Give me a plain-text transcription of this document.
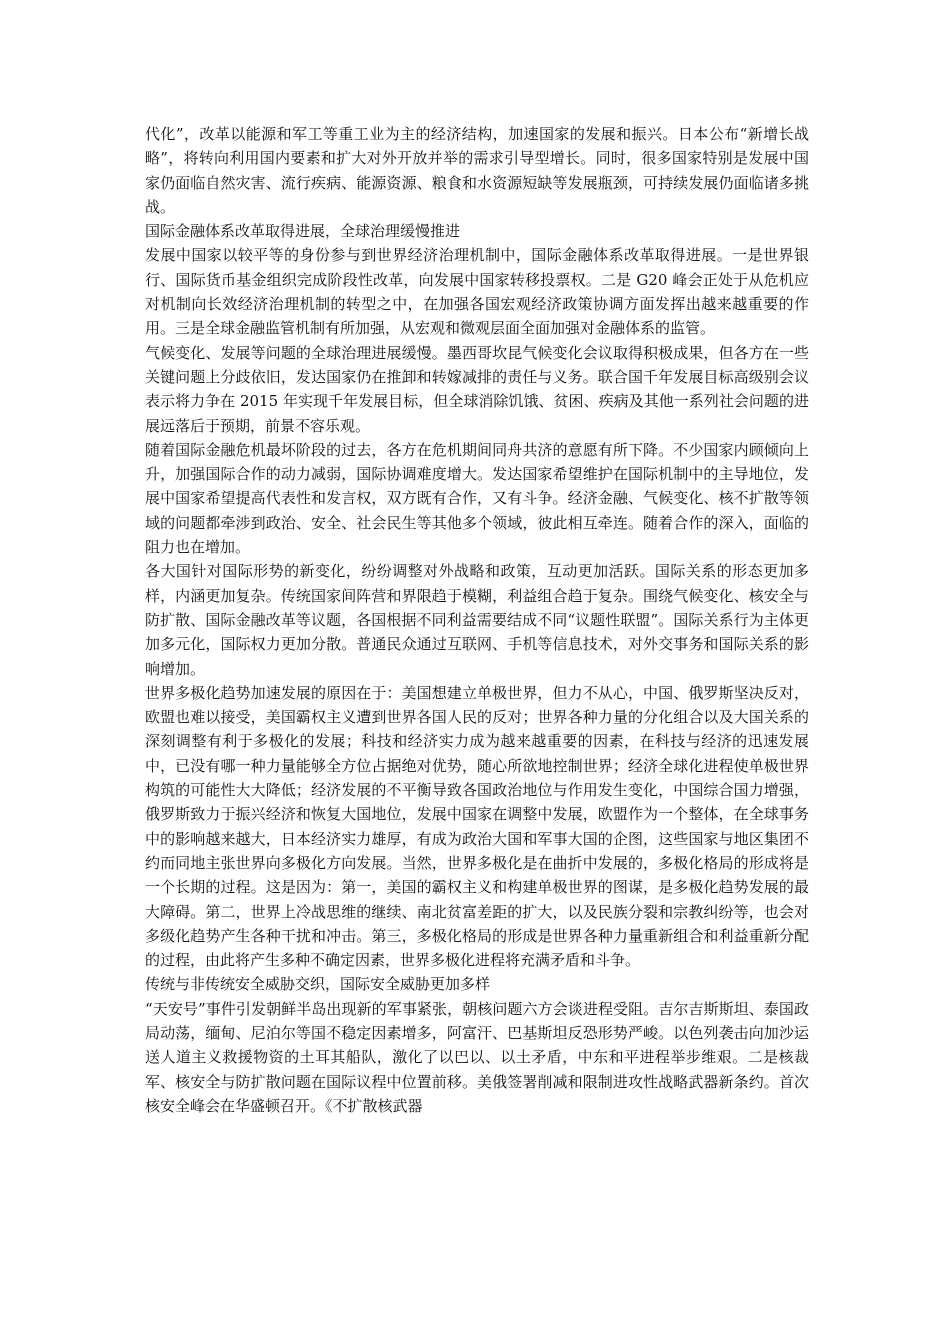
代化”，改革以能源和军工等重工业为主的经济结构，加速国家的发展和振兴。日本公布“新增长战略”，将转向利用国内要素和扩大对外开放并举的需求引导型增长。同时，很多国家特别是发展中国家仍面临自然灾害、流行疾病、能源资源、粮食和水资源短缺等发展瓶颈，可持续发展仍面临诸多挑战。

国际金融体系改革取得进展，全球治理缓慢推进

发展中国家以较平等的身份参与到世界经济治理机制中，国际金融体系改革取得进展。一是世界银行、国际货币基金组织完成阶段性改革，向发展中国家转移投票权。二是 G20 峰会正处于从危机应对机制向长效经济治理机制的转型之中，在加强各国宏观经济政策协调方面发挥出越来越重要的作用。三是全球金融监管机制有所加强，从宏观和微观层面全面加强对金融体系的监管。

气候变化、发展等问题的全球治理进展缓慢。墨西哥坎昆气候变化会议取得积极成果，但各方在一些关键问题上分歧依旧，发达国家仍在推卸和转嫁减排的责任与义务。联合国千年发展目标高级别会议表示将力争在 2015 年实现千年发展目标，但全球消除饥饿、贫困、疾病及其他一系列社会问题的进展远落后于预期，前景不容乐观。

随着国际金融危机最坏阶段的过去，各方在危机期间同舟共济的意愿有所下降。不少国家内顾倾向上升，加强国际合作的动力减弱，国际协调难度增大。发达国家希望维护在国际机制中的主导地位，发展中国家希望提高代表性和发言权，双方既有合作，又有斗争。经济金融、气候变化、核不扩散等领域的问题都牵涉到政治、安全、社会民生等其他多个领域，彼此相互牵连。随着合作的深入，面临的阻力也在增加。

各大国针对国际形势的新变化，纷纷调整对外战略和政策，互动更加活跃。国际关系的形态更加多样，内涵更加复杂。传统国家间阵营和界限趋于模糊，利益组合趋于复杂。围绕气候变化、核安全与防扩散、国际金融改革等议题，各国根据不同利益需要结成不同“议题性联盟”。国际关系行为主体更加多元化，国际权力更加分散。普通民众通过互联网、手机等信息技术，对外交事务和国际关系的影响增加。

世界多极化趋势加速发展的原因在于：美国想建立单极世界，但力不从心，中国、俄罗斯坚决反对，欧盟也难以接受，美国霸权主义遭到世界各国人民的反对；世界各种力量的分化组合以及大国关系的深刻调整有利于多极化的发展；科技和经济实力成为越来越重要的因素，在科技与经济的迅速发展中，已没有哪一种力量能够全方位占据绝对优势，随心所欲地控制世界；经济全球化进程使单极世界构筑的可能性大大降低；经济发展的不平衡导致各国政治地位与作用发生变化，中国综合国力增强，俄罗斯致力于振兴经济和恢复大国地位，发展中国家在调整中发展，欧盟作为一个整体，在全球事务中的影响越来越大，日本经济实力雄厚，有成为政治大国和军事大国的企图，这些国家与地区集团不约而同地主张世界向多极化方向发展。当然，世界多极化是在曲折中发展的，多极化格局的形成将是一个长期的过程。这是因为：第一，美国的霸权主义和构建单极世界的图谋，是多极化趋势发展的最大障碍。第二，世界上冷战思维的继续、南北贫富差距的扩大，以及民族分裂和宗教纠纷等，也会对多级化趋势产生各种干扰和冲击。第三，多极化格局的形成是世界各种力量重新组合和利益重新分配的过程，由此将产生多种不确定因素，世界多极化进程将充满矛盾和斗争。

传统与非传统安全威胁交织，国际安全威胁更加多样

“天安号”事件引发朝鲜半岛出现新的军事紧张，朝核问题六方会谈进程受阻。吉尔吉斯斯坦、泰国政局动荡，缅甸、尼泊尔等国不稳定因素增多，阿富汗、巴基斯坦反恐形势严峻。以色列袭击向加沙运送人道主义救援物资的土耳其船队，激化了以巴以、以土矛盾，中东和平进程举步维艰。二是核裁军、核安全与防扩散问题在国际议程中位置前移。美俄签署削减和限制进攻性战略武器新条约。首次核安全峰会在华盛顿召开。《不扩散核武器
